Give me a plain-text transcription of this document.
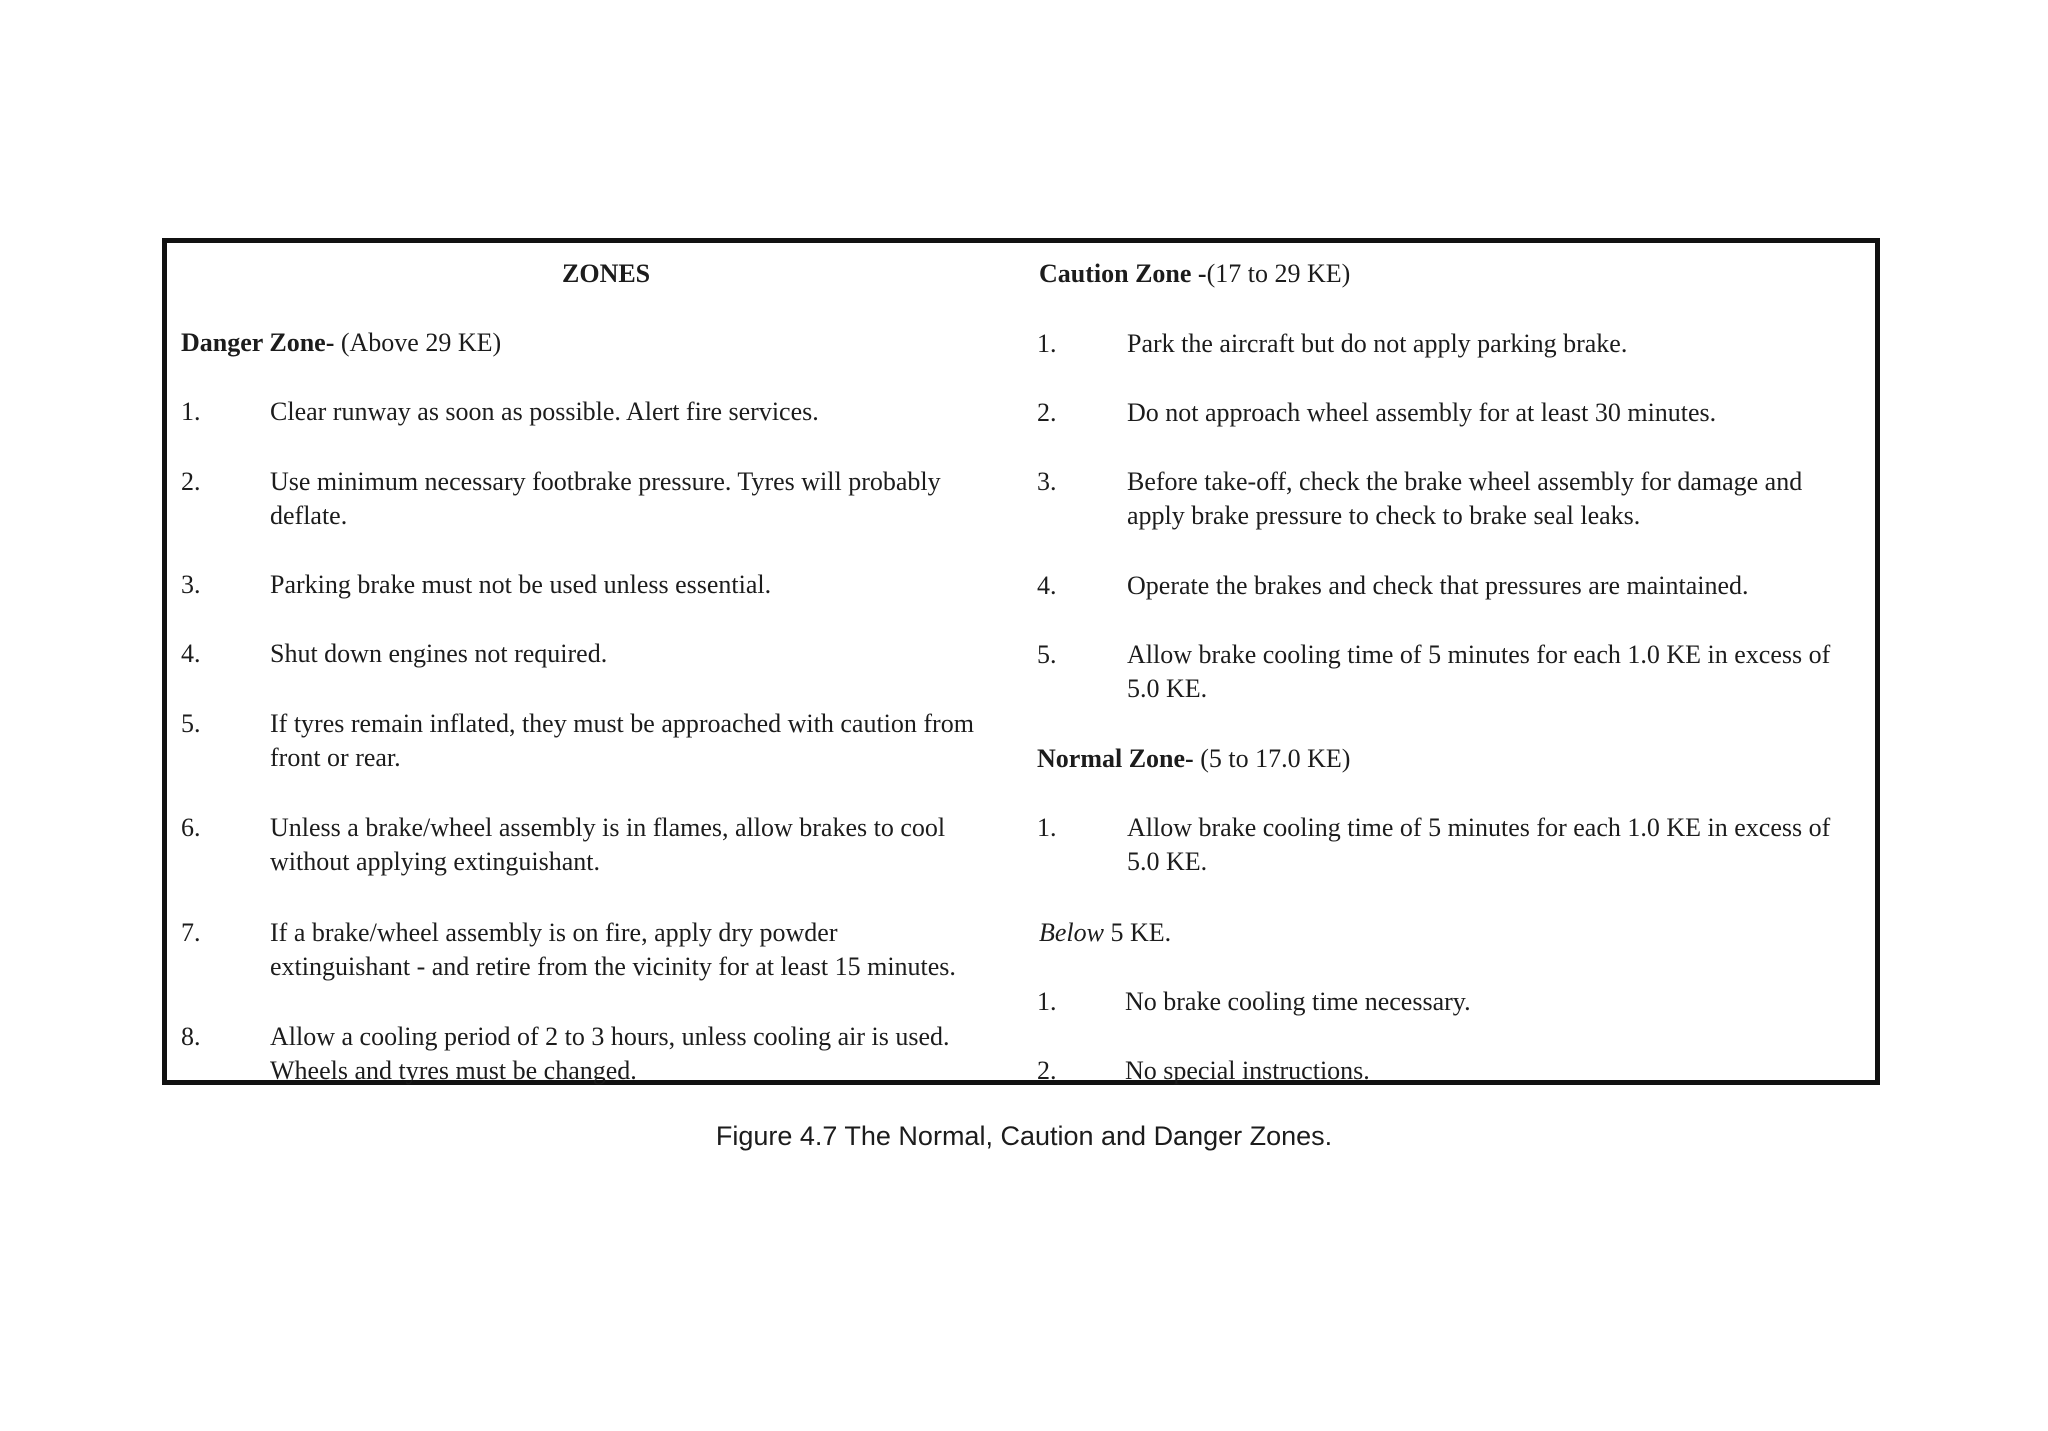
ZONES
Danger Zone- (Above 29 KE)
1.	Clear runway as soon as possible. Alert fire services.
2.	Use minimum necessary footbrake pressure. Tyres will probably
deflate.
3.	Parking brake must not be used unless essential.
4.	Shut down engines not required.
5.	If tyres remain inflated, they must be approached with caution from
front or rear.
6.	Unless a brake/wheel assembly is in flames, allow brakes to cool
without applying extinguishant.
7.	If a brake/wheel assembly is on fire, apply dry powder
extinguishant - and retire from the vicinity for at least 15 minutes.
8.	Allow a cooling period of 2 to 3 hours, unless cooling air is used.
Wheels and tyres must be changed.
Caution Zone -(17 to 29 KE)
1.	Park the aircraft but do not apply parking brake.
2.	Do not approach wheel assembly for at least 30 minutes.
3.	Before take-off, check the brake wheel assembly for damage and
apply brake pressure to check to brake seal leaks.
4.	Operate the brakes and check that pressures are maintained.
5.	Allow brake cooling time of 5 minutes for each 1.0 KE in excess of
5.0 KE.
Normal Zone- (5 to 17.0 KE)
1.	Allow brake cooling time of 5 minutes for each 1.0 KE in excess of
5.0 KE.
Below 5 KE.
1.	No brake cooling time necessary.
2.	No special instructions.
Figure 4.7 The Normal, Caution and Danger Zones.
